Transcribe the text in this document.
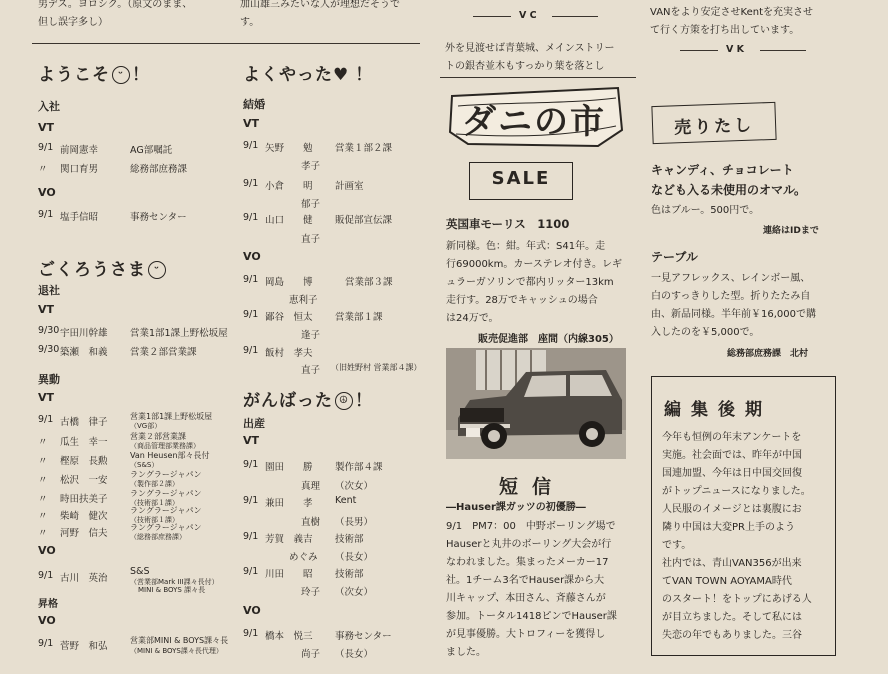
男デス。ヨロシク。（原文のまま、
但し誤字多し）
加山雄三みたいな人が理想だそうで
す。
V C
外を見渡せば青葉城、メインストリー
トの銀杏並木もすっかり葉を落とし
VANをより安定させKentを充実させ
て行く方策を打ち出しています。
V K
ようこそ ᵕ ！
入社
VT
9/1 前岡憲幸	AG部嘱託
〃 関口育男	総務部庶務課
VO
9/1 塩手信昭	事務センター
ごくろうさま ᵕ
退社
VT
9/30 宇田川幹雄 営業1部1課上野松坂屋
9/30 築瀬　和義 営業２部営業課
異動
VT
9/1 古橋　律子
営業1部1課上野松坂屋
（VG部）
〃 瓜生　幸一
営業２部営業課
（商品管理部業務課）
〃 樫原　長勲
Van Heusen部々長付
（S&S）
〃 松沢　一安
ラングラージャパン
（製作部２課）
〃 時田扶美子
ラングラージャパン
（技術部１課）
〃 柴崎　健次
ラングラージャパン
（技術部１課）
〃 河野　信夫
ラングラージャパン
（総務部庶務課）
VO
9/1 古川　英治
S&S
（営業部Mark III課々長付）
MINI & BOYS 課々長
昇格
VO
9/1 菅野　和弘
営業部MINI & BOYS課々長
（MINI & BOYS課々長代理）
よくやった♥ ！
結婚
VT
9/1 矢野　　勉 営業１部２課
孝子
9/1 小倉　　明 計画室
郁子
9/1 山口　　健 販促部宣伝課
直子
VO
9/1 岡島　　博	営業部３課
恵利子
9/1 鄙谷　恒太 営業部１課
逢子
9/1 飯村　孝夫
直子 （旧姓野村 営業部４課）
がんばった ☮ ！
出産
VT
9/1 園田　　勝 製作部４課
真理 （次女）
9/1 兼田　　孝 Kent
直樹 （長男）
9/1 芳賀　義吉 技術部
めぐみ （長女）
9/1 川田　　昭 技術部
玲子 （次女）
VO
9/1 橋本　悦三 事務センター
尚子 （長女）
ダニの市
SALE
英国車モーリス　1100
新同様。色：紺。年式：S41年。走
行69000km。カーステレオ付き。レギ
ュラーガソリンで都内リッター13km
走行す。28万でキャッシュの場合
は24万で。
販売促進部　座間（内線305）
短信
―Hauser課ガッツの初優勝―
9/1　PM7：00　中野ボーリング場で
Hauserと丸井のボーリング大会が行
なわれました。集まったメーカー17
社。1チーム3名でHauser課から大
川キャップ、本田さん、斉藤さんが
参加。トータル1418ピンでHauser課
が見事優勝。大トロフィーを獲得し
ました。
売りたし
キャンディ、チョコレート
なども入る未使用のオマル。
色はブルー。500円で。
連絡はIDまで
テーブル
一見アフレックス、レインボー風、
白のすっきりした型。折りたたみ自
由、新品同様。半年前￥16,000で購
入したのを￥5,000で。
総務部庶務課　北村
編集後期
今年も恒例の年末アンケートを
実施。社会面では、昨年が中国
国連加盟、今年は日中国交回復
がトップニュースになりました。
人民服のイメージとは裏腹にお
隣り中国は大変PR上手のよう
です。
社内では、青山VAN356が出来
てVAN TOWN AOYAMA時代
のスタート！をトップにあげる人
が目立ちました。そして私には
失恋の年でもありました。三谷
